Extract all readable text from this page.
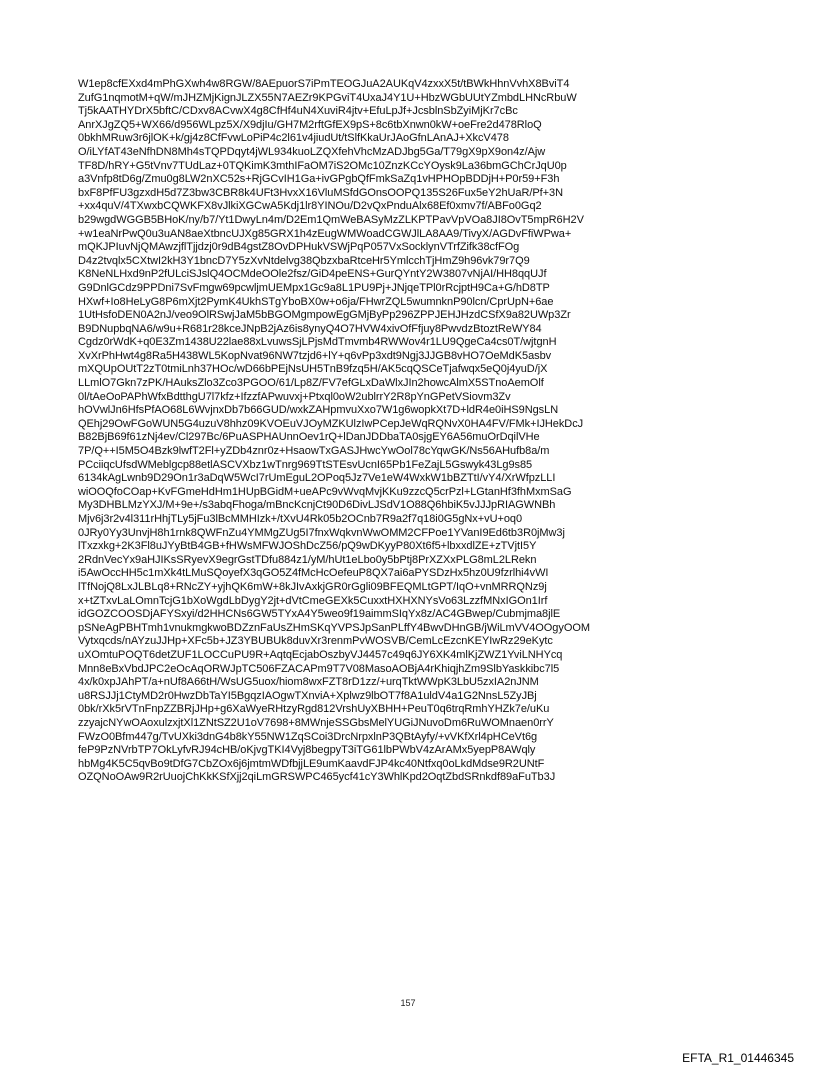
W1ep8cfEXxd4mPhGXwh4w8RGW/8AEpuorS7iPmTEOGJuA2AUKqV4zxxX5t/tBWkHhnVvhX8BviT4
ZufG1nqmotM+qW/mJHZMjKignJLZX55N7AEZr9KPGviT4UxaJ4Y1U+HbzWGbUUtYZmbdLHNcRbuW
Tj5kAATHYDrX5bftC/CDxv8ACvwX4g8CfHf4uN4XuviR4jtv+EfuLpJf+JcsblnSbZyiMjKr7cBc
AnrXJgZQ5+WX66/d956WLpz5X/X9djIu/GH7M2rftGfEX9pS+8c6tbXnwn0kW+oeFre2d478RloQ
0bkhMRuw3r6jlOK+k/gj4z8CfFvwLoPiP4c2l61v4jiudUt/tSlfKkaUrJAoGfnLAnAJ+XkcV478
O/iLYfAT43eNfhDN8Mh4sTQPDqyt4jWL934kuoLZQXfehVhcMzADJbg5Ga/T79gX9pX9on4z/Ajw
TF8D/hRY+G5tVnv7TUdLaz+0TQKimK3mthIFaOM7iS2OMc10ZnzKCcYOysk9La36bmGChCrJqU0p
a3Vnfp8tD6g/Zmu0g8LW2nXC52s+RjGCvIH1Ga+ivGPgbQfFmkSaZq1vHPHOpBDDjH+P0r59+F3h
bxF8PfFU3gzxdH5d7Z3bw3CBR8k4UFt3HvxX16VluMSfdGOnsOOPQ135S26Fux5eY2hUaR/Pf+3N
+xx4quV/4TXwxbCQWKFX8vJlkiXGCwA5Kdj1lr8YINOu/D2vQxPnduAlx68Ef0xmv7f/ABFo0Gq2
b29wgdWGGB5BHoK/ny/b7/Yt1DwyLn4m/D2Em1QmWeBASyMzZLKPTPavVpVOa8JI8OvT5mpR6H2V
+w1eaNrPwQ0u3uAN8aeXtbncUJXg85GRX1h4zEugWMWoadCGWJlLA8AA9/TivyX/AGDvFfiWPwa+
mQKJPIuvNjQMAwzjflTjjdzj0r9dB4gstZ8OvDPHukVSWjPqP057VxSocklynVTrfZifk38cfFOg
D4z2tvqlx5CXtwI2kH3Y1bncD7Y5zXvNtdelvg38QbzxbaRtceHr5YmlcchTjHmZ9h96vk79r7Q9
K8NeNLHxd9nP2fULciSJslQ4OCMdeOOle2fsz/GiD4peENS+GurQYntY2W3807vNjAI/HH8qqUJf
G9DnlGCdz9PPDni7SvFmgw69pcwljmUEMpx1Gc9a8L1PU9Pj+JNjqeTPl0rRcjptH9Ca+G/hD8TP
HXwf+Io8HeLyG8P6mXjt2PymK4UkhSTgYboBX0w+o6ja/FHwrZQL5wumnknP90lcn/CprUpN+6ae
1UtHsfoDEN0A2nJ/veo9OlRSwjJaM5bBGOMgmpowEgGMjByPp296ZPPJEHJHzdCSfX9a82UWp3Zr
B9DNupbqNA6/w9u+R681r28kceJNpB2jAz6is8ynyQ4O7HVW4xivOfFfjuy8PwvdzBtoztReWY84
Cgdz0rWdK+q0E3Zm1438U22lae88xLvuwsSjLPjsMdTmvmb4RWWov4r1LU9QgeCa4cs0T/wjtgnH
XvXrPhHwt4g8Ra5H438WL5KopNvat96NW7tzjd6+lY+q6vPp3xdt9Ngj3JJGB8vHO7OeMdK5asbv
mXQUpOUtT2zT0tmiLnh37HOc/wD66bPEjNsUH5TnB9fzq5H/AK5cqQSCeTjafwqx5eQ0j4yuD/jX
LLmlO7Gkn7zPK/HAuksZlo3Zco3PGOO/61/Lp8Z/FV7efGLxDaWlxJIn2howcAlmX5STnoAemOlf
0l/tAeOoPAPhWfxBdtthgU7l7kfz+IfzzfAPwuvxj+Ptxql0oW2ublrrY2R8pYnGPetVSiovm3Zv
hOVwlJn6HfsPfAO68L6WvjnxDb7b66GUD/wxkZAHpmvuXxo7W1g6wopkXt7D+ldR4e0iHS9NgsLN
QEhj29OwFGoWUN5G4uzuV8hhz09KVOEuVJOyMZKUlzIwPCepJeWqRQNvX0HA4FV/FMk+IJHekDcJ
B82BjB69f61zNj4ev/Cl297Bc/6PuASPHAUnnOev1rQ+lDanJDDbaTA0sjgEY6A56muOrDqilVHe
7P/Q++I5M5O4Bzk9lwfT2Fl+yZDb4znr0z+HsaowTxGASJHwcYwOol78cYqwGK/Ns56AHufb8a/m
PCciiqcUfsdWMeblgcp88etlASCVXbz1wTnrg969TtSTEsvUcnI65Pb1FeZajL5Gswyk43Lg9s85
6134kAgLwnb9D29On1r3aDqW5WcI7rUmEguL2OPoq5Jz7Ve1eW4WxkW1bBZTtI/vY4/XrWfpzLLI
wiOOQfoCOap+KvFGmeHdHm1HUpBGidM+ueAPc9vWvqMvjKKu9zzcQ5crPzl+LGtanHf3fhMxmSaG
My3DHBLMzYXJ/M+9e+/s3abqFhoga/mBncKcnjCt90D6DivLJSdV1O88Q6hbiK5vJJJpRIAGWNBh
Mjv6j3r2v4l311rHhjTLy5jFu3lBcMMHIzk+/tXvU4Rk05b2OCnb7R9a2f7q18i0G5gNx+vU+oq0
0JRy0Yy3UnvjH8h1rnk8QWFnZu4YMMgZUg5I7fnxWqkvnWwOMM2CFPoe1YVanI9Ed6tb3R0jMw3j
lTxzxkg+2K3Fl8uJYyBtB4GB+fHWsMFWJOShDcZ56/pQ9wDKyyP80Xt6f5+lbxxdlZE+zTVjtI5Y
2RdnVecYx9aHJIKsSRyevX9egrGstTDfu884z1/yM/hUt1eLbo0y5bPtj8PrXZXxPLG8mL2LRekn
i5AwOccHH5c1mXk4tLMuSQoyefX3qGO5Z4fMcHcOefeuP8QX7ai6aPYSDzHx5hz0U9fzrlhi4vWI
lTfNojQ8LxJLBLq8+RNcZY+yjhQK6mW+8kJIvAxkjGR0rGgli09BFEQMLtGPT/IqO+vnMRRQNz9j
x+tZTxvLaLOmnTcjG1bXoWgdLbDygY2jt+dVtCmeGEXk5CuxxtHXHXNYsVo63LzzfMNxIGOn1Irf
idGOZCOOSDjAFYSxyi/d2HHCNs6GW5TYxA4Y5weo9f19aimmSIqYx8z/AC4GBwep/Cubmjma8jlE
pSNeAgPBHTmh1vnukmgkwoBDZznFaUsZHmSKqYVPSJpSanPLffY4BwvDHnGB/jWiLmVV4OOgyOOM
Vytxqcds/nAYzuJJHp+XFc5b+JZ3YBUBUk8duvXr3renmPvWOSVB/CemLcEzcnKEYIwRz29eKytc
uXOmtuPOQT6detZUF1LOCCuPU9R+AqtqEcjabOszbyVJ4457c49q6JY6XK4mlKjZWZ1YviLNHYcq
Mnn8eBxVbdJPC2eOcAqORWJpTC506FZACAPm9T7V08MasoAOBjA4rKhiqjhZm9SlbYaskkibc7l5
4x/k0xpJAhPT/a+nUf8A66tH/WsUG5uox/hiom8wxFZT8rD1zz/+urqTktWWpK3LbU5zxIA2nJNM
u8RSJJj1CtyMD2r0HwzDbTaYI5BgqzIAOgwTXnviA+Xplwz9lbOT7f8A1uldV4a1G2NnsL5ZyJBj
0bk/rXk5rVTnFnpZZBRjJHp+g6XaWyeRHtzyRgd812VrshUyXBHH+PeuT0q6trqRmhYHZk7e/uKu
zzyajcNYwOAoxulzxjtXl1ZNtSZ2U1oV7698+8MWnjeSSGbsMelYUGiJNuvoDm6RuWOMnaen0rrY
FWzO0Bfm447g/TvUXki3dnG4b8kY55NW1ZqSCoi3DrcNrpxlnP3QBtAyfy/+vVKfXrl4pHCeVt6g
feP9PzNVrbTP7OkLyfvRJ94cHB/oKjvgTKI4Vyj8begpyT3iTG61lbPWbV4zArAMx5yepP8AWqly
hbMg4K5C5qvBo9tDfG7CbZOx6j6jmtmWDfbjjLE9umKaavdFJP4kc40Ntfxq0oLkdMdse9R2UNtF
OZQNoOAw9R2rUuojChKkKSfXjj2qiLmGRSWPC465ycf41cY3WhlKpd2OqtZbdSRnkdf89aFuTb3J
157
EFTA_R1_01446345
